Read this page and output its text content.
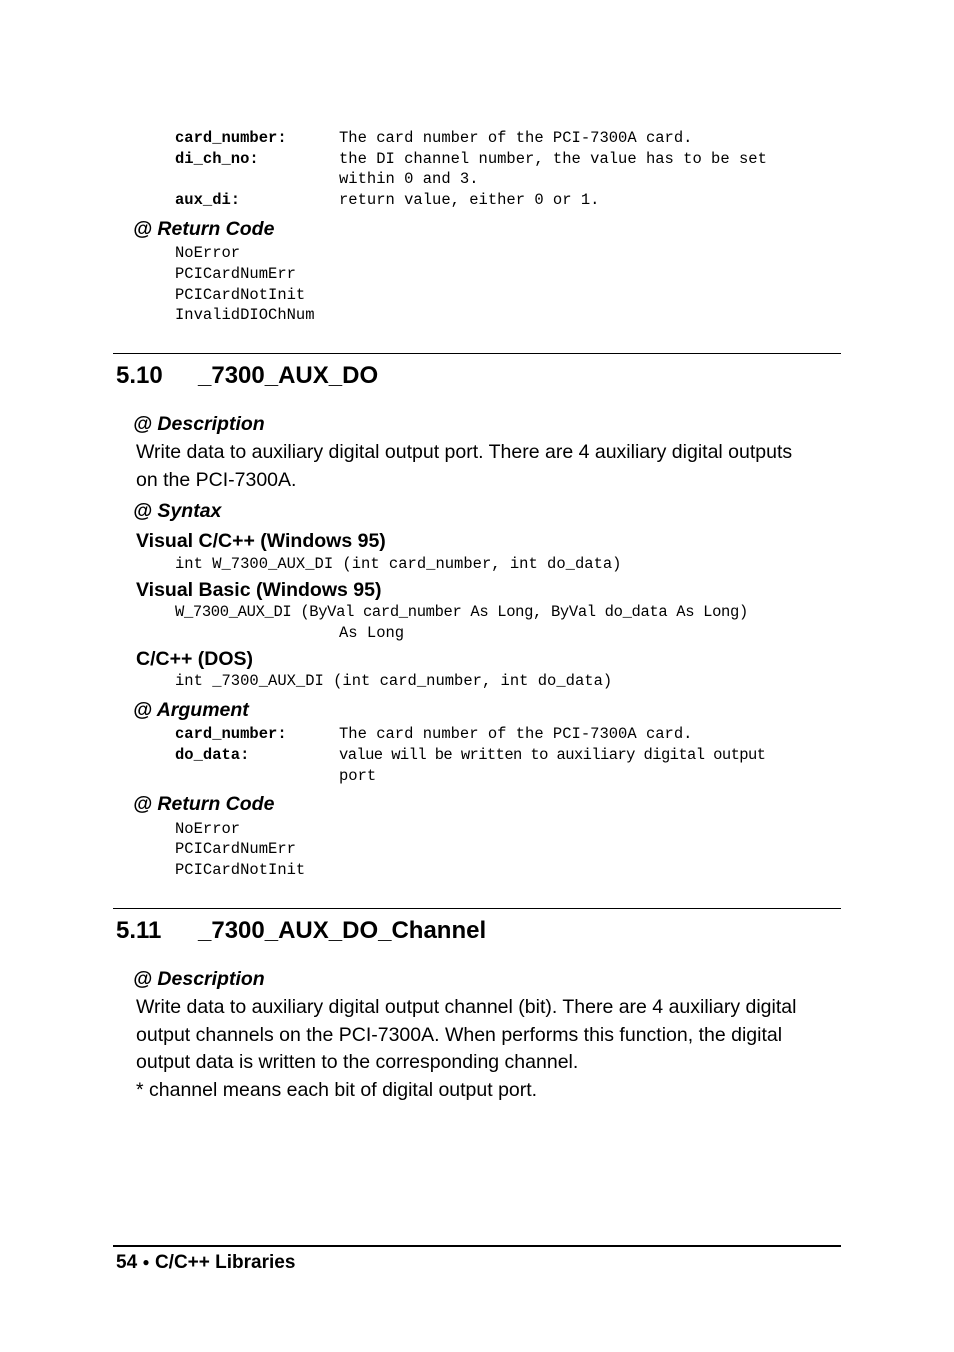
card_number:	The card number of the PCI-7300A card.
di_ch_no:	the DI channel number, the value has to be set
within 0 and 3.
aux_di:	return value, either 0 or 1.
@ Return Code
NoError
PCICardNumErr
PCICardNotInit
InvalidDIOChNum
5.10 _7300_AUX_DO
@ Description
Write data to auxiliary digital output port. There are 4 auxiliary digital outputs
on the PCI-7300A.
@ Syntax
Visual C/C++ (Windows 95)
int W_7300_AUX_DI (int card_number, int do_data)
Visual Basic (Windows 95)
W_7300_AUX_DI (ByVal card_number As Long, ByVal do_data As Long)
As Long
C/C++ (DOS)
int _7300_AUX_DI (int card_number, int do_data)
@ Argument
card_number:	The card number of the PCI-7300A card.
do_data:	value will be written to auxiliary digital output
port
@ Return Code
NoError
PCICardNumErr
PCICardNotInit
5.11 _7300_AUX_DO_Channel
@ Description
Write data to auxiliary digital output channel (bit). There are 4 auxiliary digital
output channels on the PCI-7300A. When performs this function, the digital
output data is written to the corresponding channel.
* channel means each bit of digital output port.
54 ● C/C++ Libraries
